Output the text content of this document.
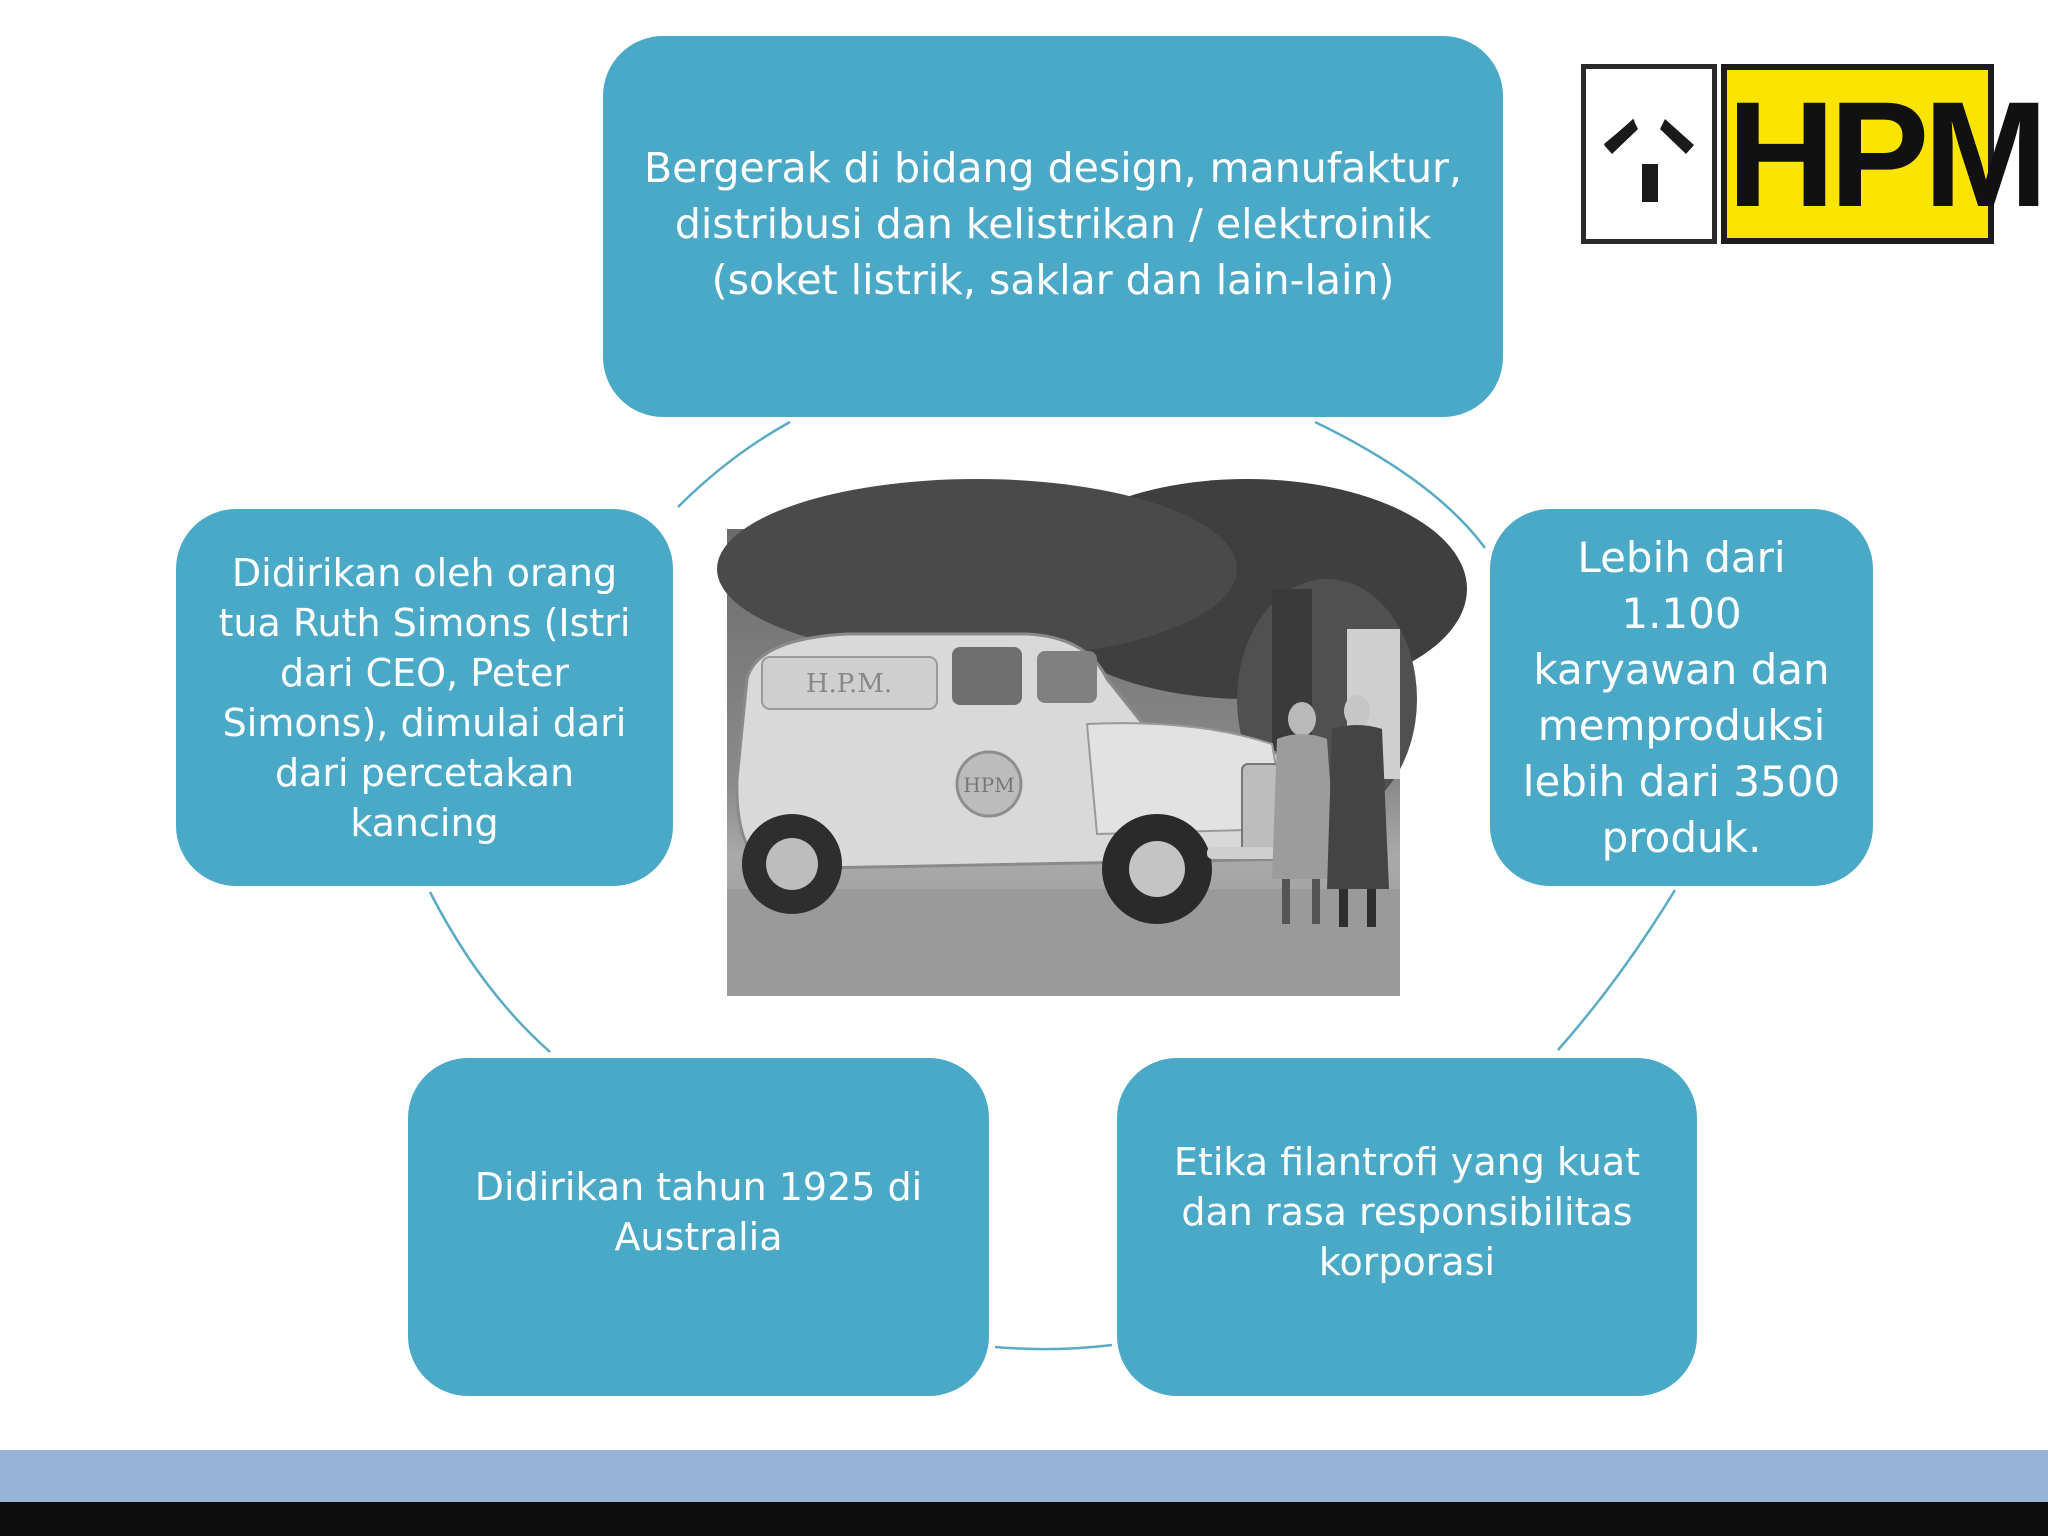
Bergerak di bidang design, manufaktur,
distribusi dan kelistrikan / elektroinik
(soket listrik, saklar dan lain-lain)
Didirikan oleh orang
tua Ruth Simons (Istri
dari CEO, Peter
Simons), dimulai dari
dari percetakan kancing
Lebih dari
1.100
karyawan dan
memproduksi
lebih dari 3500
produk.
Didirikan tahun 1925 di
Australia
Etika filantrofi yang kuat
dan rasa responsibilitas
korporasi
H.P.M.
HPM
HPM
